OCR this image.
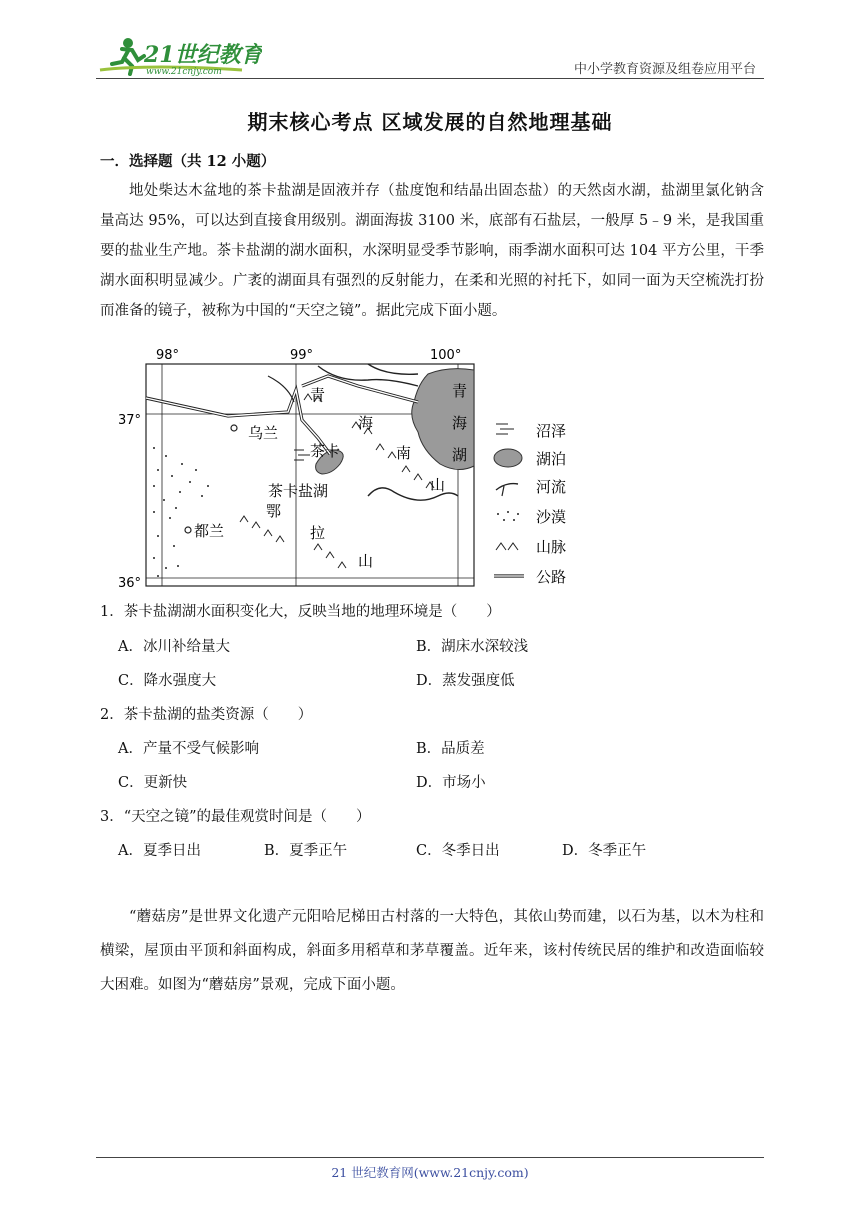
21世纪教育
www.21cnjy.com	中小学教育资源及组卷应用平台
期末核心考点 区域发展的自然地理基础
一．选择题（共 12 小题）

地处柴达木盆地的茶卡盐湖是固液并存（盐度饱和结晶出固态盐）的天然卤水湖，盐湖里氯化钠含量高达 95%，可以达到直接食用级别。湖面海拔 3100 米，底部有石盐层，一般厚 5﹣9 米，是我国重要的盐业生产地。茶卡盐湖的湖水面积，水深明显受季节影响，雨季湖水面积可达 104 平方公里，干季湖水面积明显减少。广袤的湖面具有强烈的反射能力，在柔和光照的衬托下，如同一面为天空梳洗打扮而准备的镜子，被称为中国的“天空之镜”。据此完成下面小题。

98°	99°	100°
37°
36°
乌兰
都兰
茶卡
茶卡盐湖
青
海
湖
青
海
南
山
鄂
拉
山
沼泽
湖泊
河流
沙漠
山脉
公路
1．茶卡盐湖湖水面积变化大，反映当地的地理环境是（　　）
A．冰川补给量大	B．湖床水深较浅
C．降水强度大	D．蒸发强度低
2．茶卡盐湖的盐类资源（　　）
A．产量不受气候影响	B．品质差
C．更新快	D．市场小
3．“天空之镜”的最佳观赏时间是（　　）
A．夏季日出	B．夏季正午	C．冬季日出	D．冬季正午

“蘑菇房”是世界文化遗产元阳哈尼梯田古村落的一大特色，其依山势而建，以石为基，以木为柱和横梁，屋顶由平顶和斜面构成，斜面多用稻草和茅草覆盖。近年来，该村传统民居的维护和改造面临较大困难。如图为“蘑菇房”景观，完成下面小题。

21 世纪教育网(www.21cnjy.com)
